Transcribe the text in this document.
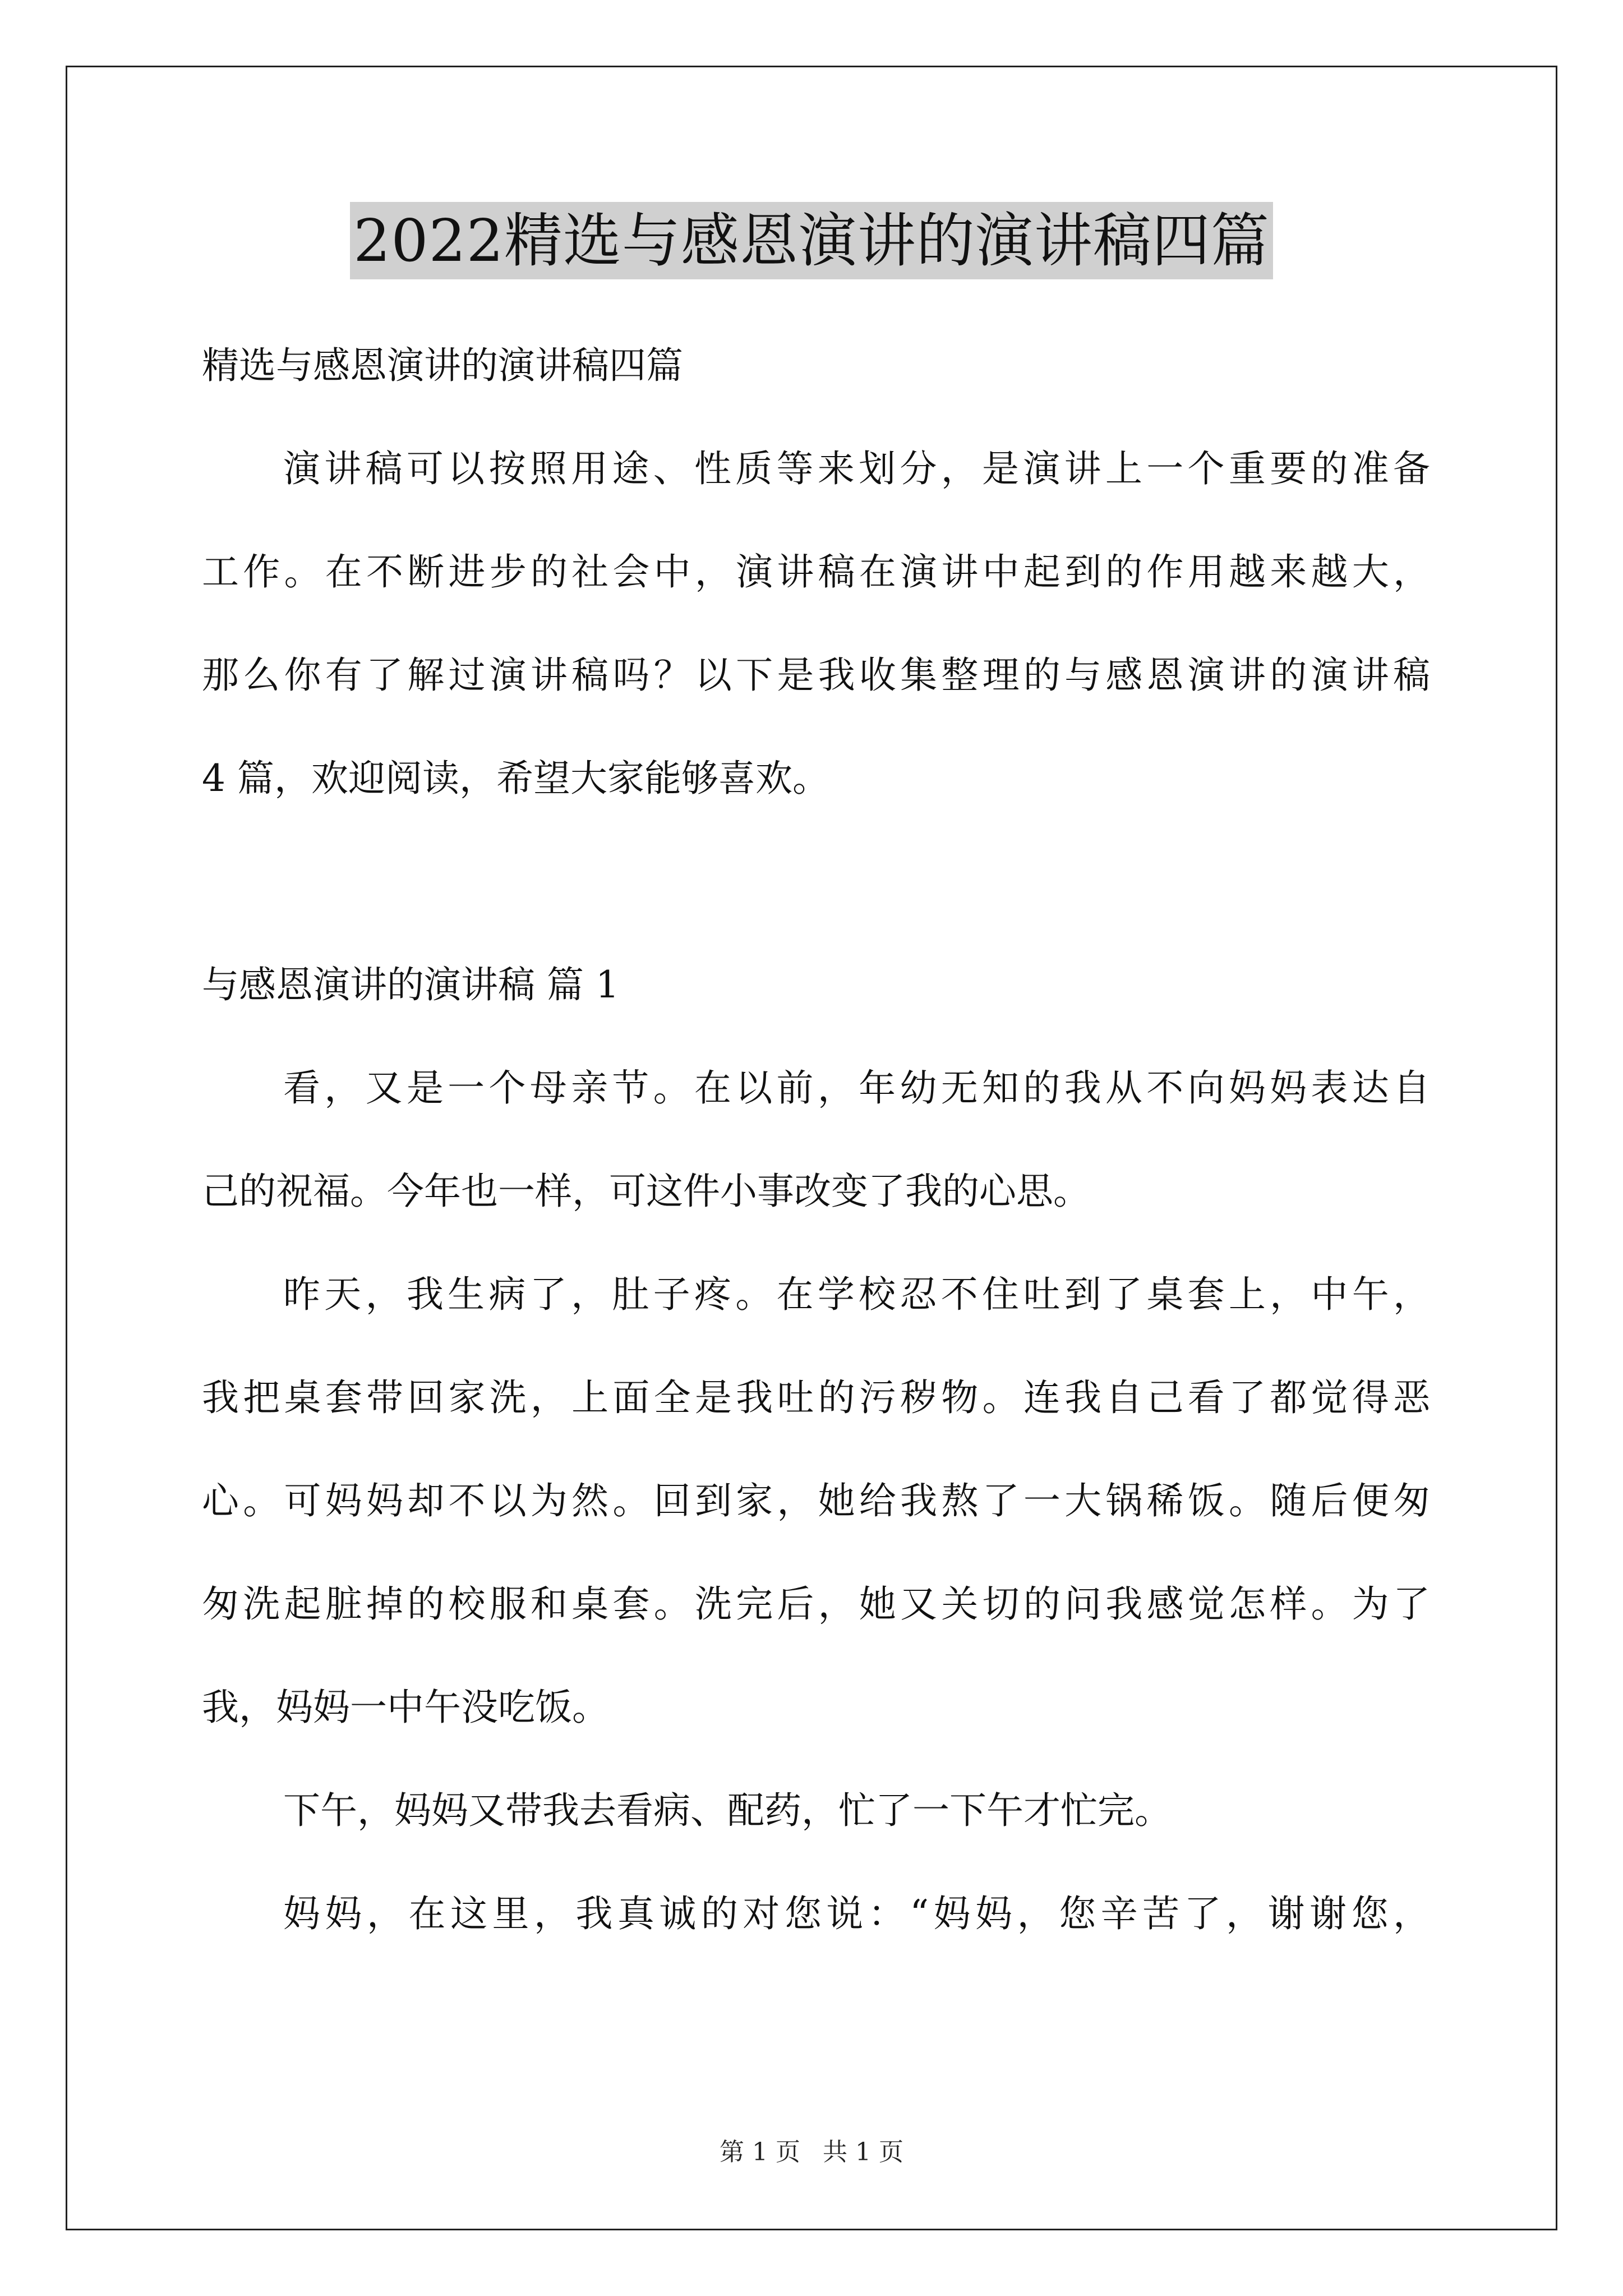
2022精选与感恩演讲的演讲稿四篇
精选与感恩演讲的演讲稿四篇
演讲稿可以按照用途、性质等来划分，是演讲上一个重要的准备
工作。在不断进步的社会中，演讲稿在演讲中起到的作用越来越大，
那么你有了解过演讲稿吗？以下是我收集整理的与感恩演讲的演讲稿
4 篇，欢迎阅读，希望大家能够喜欢。
与感恩演讲的演讲稿 篇 1
看，又是一个母亲节。在以前，年幼无知的我从不向妈妈表达自
己的祝福。今年也一样，可这件小事改变了我的心思。
昨天，我生病了，肚子疼。在学校忍不住吐到了桌套上，中午，
我把桌套带回家洗，上面全是我吐的污秽物。连我自己看了都觉得恶
心。可妈妈却不以为然。回到家，她给我熬了一大锅稀饭。随后便匆
匆洗起脏掉的校服和桌套。洗完后，她又关切的问我感觉怎样。为了
我，妈妈一中午没吃饭。
下午，妈妈又带我去看病、配药，忙了一下午才忙完。
妈妈，在这里，我真诚的对您说：“妈妈，您辛苦了，谢谢您，
第 1 页 共 1 页
